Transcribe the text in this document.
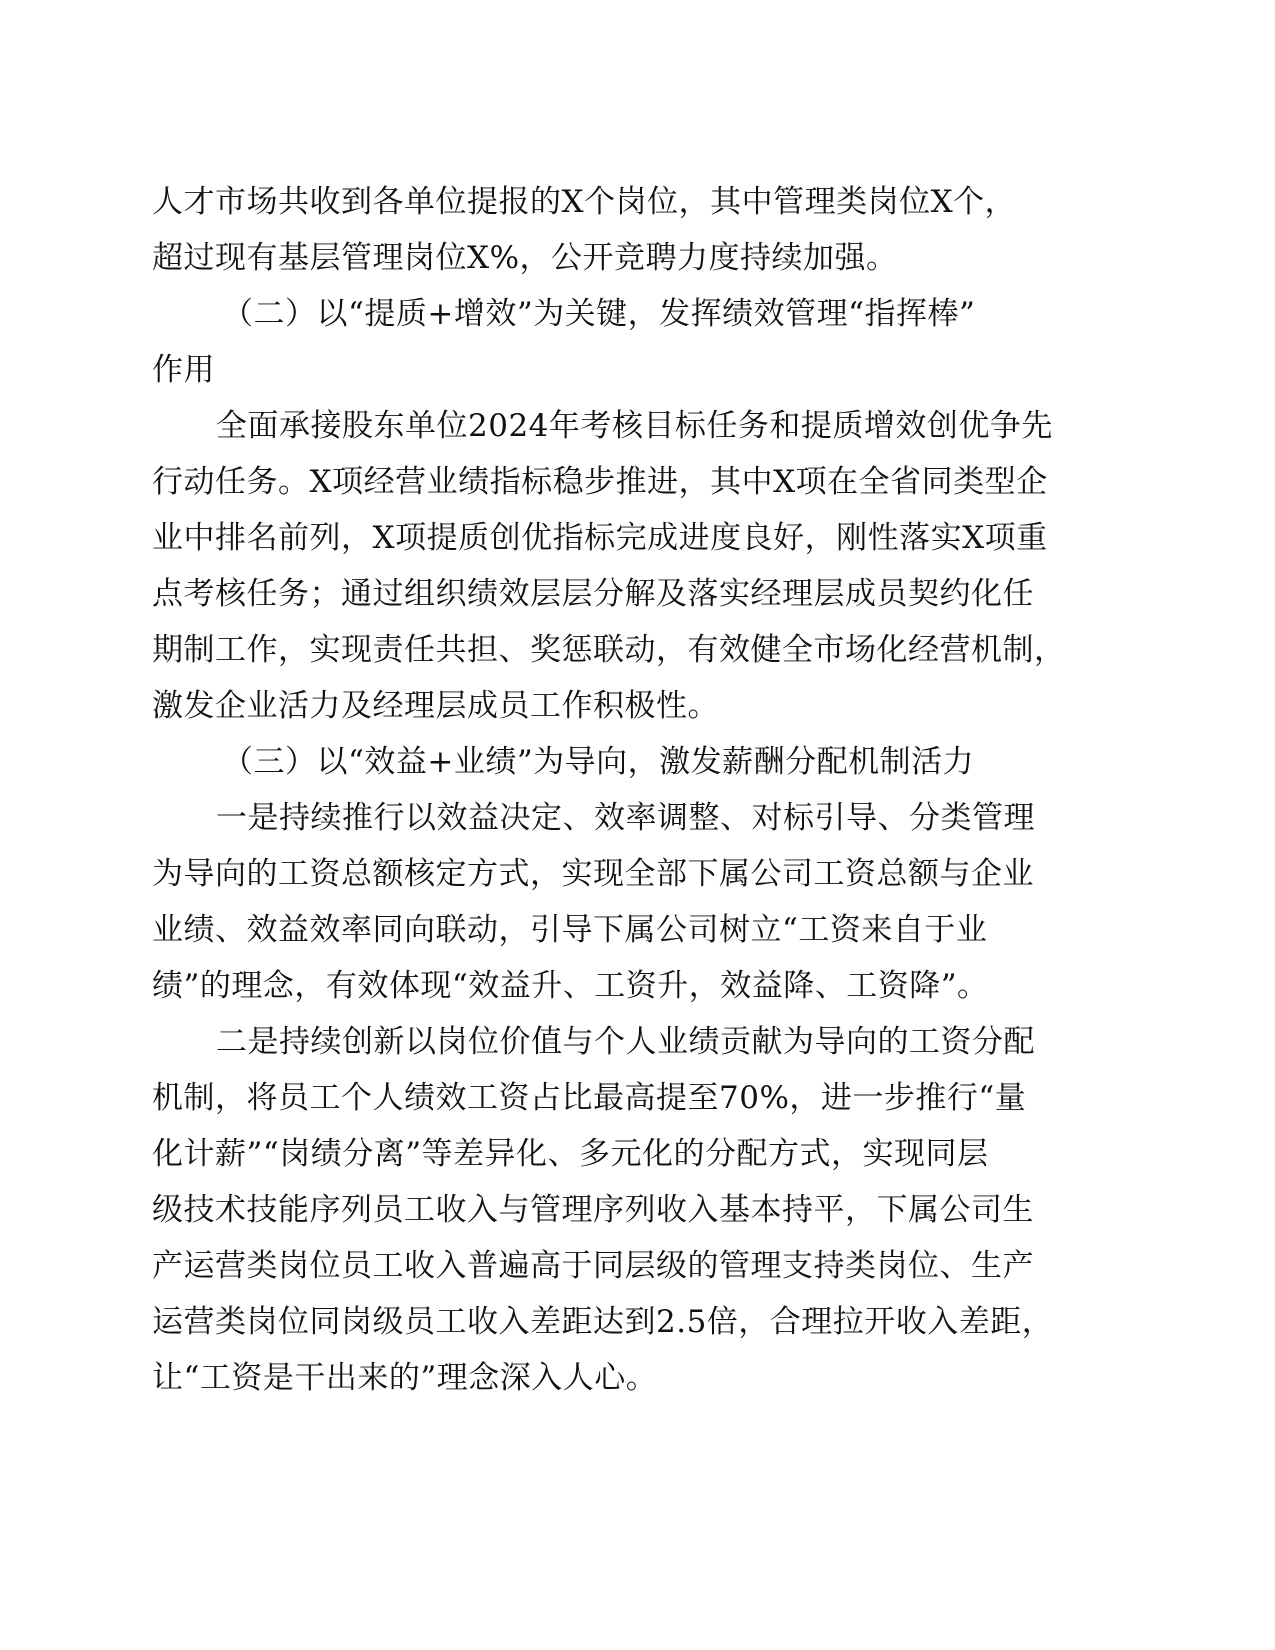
人才市场共收到各单位提报的X个岗位，其中管理类岗位X个，
超过现有基层管理岗位X%，公开竞聘力度持续加强。
（二）以“提质+增效”为关键，发挥绩效管理“指挥棒”
作用
全面承接股东单位2024年考核目标任务和提质增效创优争先
行动任务。X项经营业绩指标稳步推进，其中X项在全省同类型企
业中排名前列，X项提质创优指标完成进度良好，刚性落实X项重
点考核任务；通过组织绩效层层分解及落实经理层成员契约化任
期制工作，实现责任共担、奖惩联动，有效健全市场化经营机制，
激发企业活力及经理层成员工作积极性。
（三）以“效益+业绩”为导向，激发薪酬分配机制活力
一是持续推行以效益决定、效率调整、对标引导、分类管理
为导向的工资总额核定方式，实现全部下属公司工资总额与企业
业绩、效益效率同向联动，引导下属公司树立“工资来自于业
绩”的理念，有效体现“效益升、工资升，效益降、工资降”。
二是持续创新以岗位价值与个人业绩贡献为导向的工资分配
机制，将员工个人绩效工资占比最高提至70%，进一步推行“量
化计薪”“岗绩分离”等差异化、多元化的分配方式，实现同层
级技术技能序列员工收入与管理序列收入基本持平，下属公司生
产运营类岗位员工收入普遍高于同层级的管理支持类岗位、生产
运营类岗位同岗级员工收入差距达到2.5倍，合理拉开收入差距，
让“工资是干出来的”理念深入人心。
